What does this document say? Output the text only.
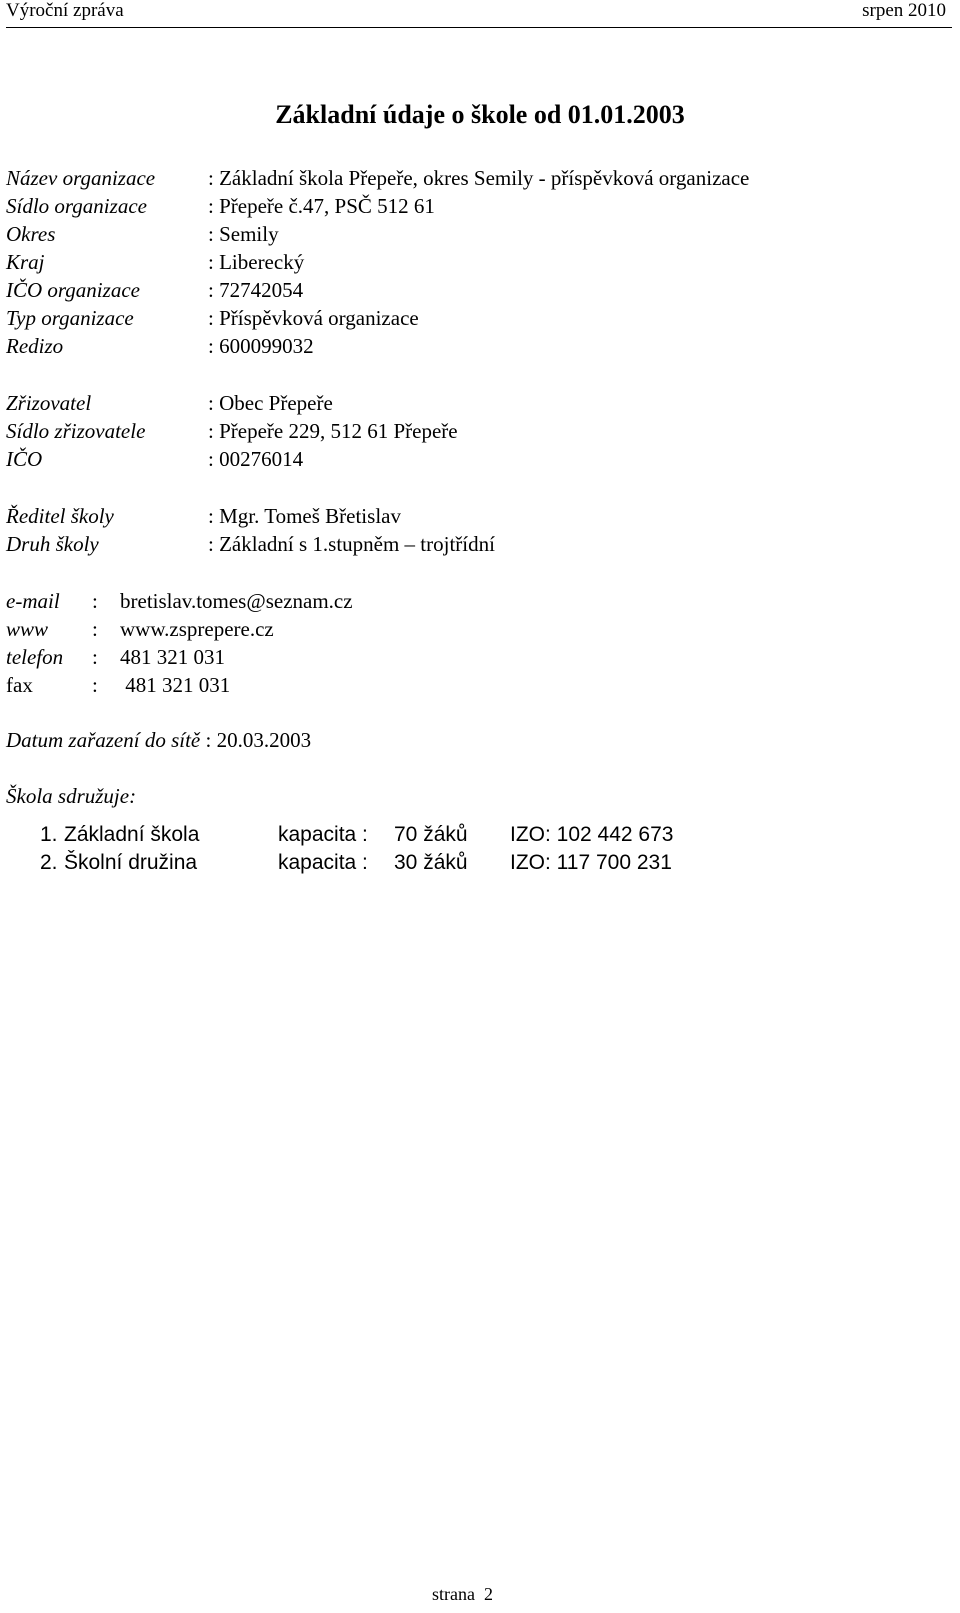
Výroční zpráva	srpen 2010
Základní údaje o škole od 01.01.2003
Název organizace	: Základní škola Přepeře, okres Semily - příspěvková organizace
Sídlo organizace	: Přepeře č.47, PSČ 512 61
Okres	: Semily
Kraj	: Liberecký
IČO organizace	: 72742054
Typ organizace	: Příspěvková organizace
Redizo	: 600099032
Zřizovatel	: Obec Přepeře
Sídlo zřizovatele	: Přepeře 229, 512 61 Přepeře
IČO	: 00276014
Ředitel školy	: Mgr. Tomeš Břetislav
Druh školy	: Základní s 1.stupněm – trojtřídní
e-mail : bretislav.tomes@seznam.cz
www : www.zsprepere.cz
telefon : 481 321 031
fax	: 481 321 031
Datum zařazení do sítě : 20.03.2003
Škola sdružuje:
1. Základní škola	kapacita : 70 žáků IZO: 102 442 673
2. Školní družina	kapacita : 30 žáků IZO: 117 700 231
strana  2
